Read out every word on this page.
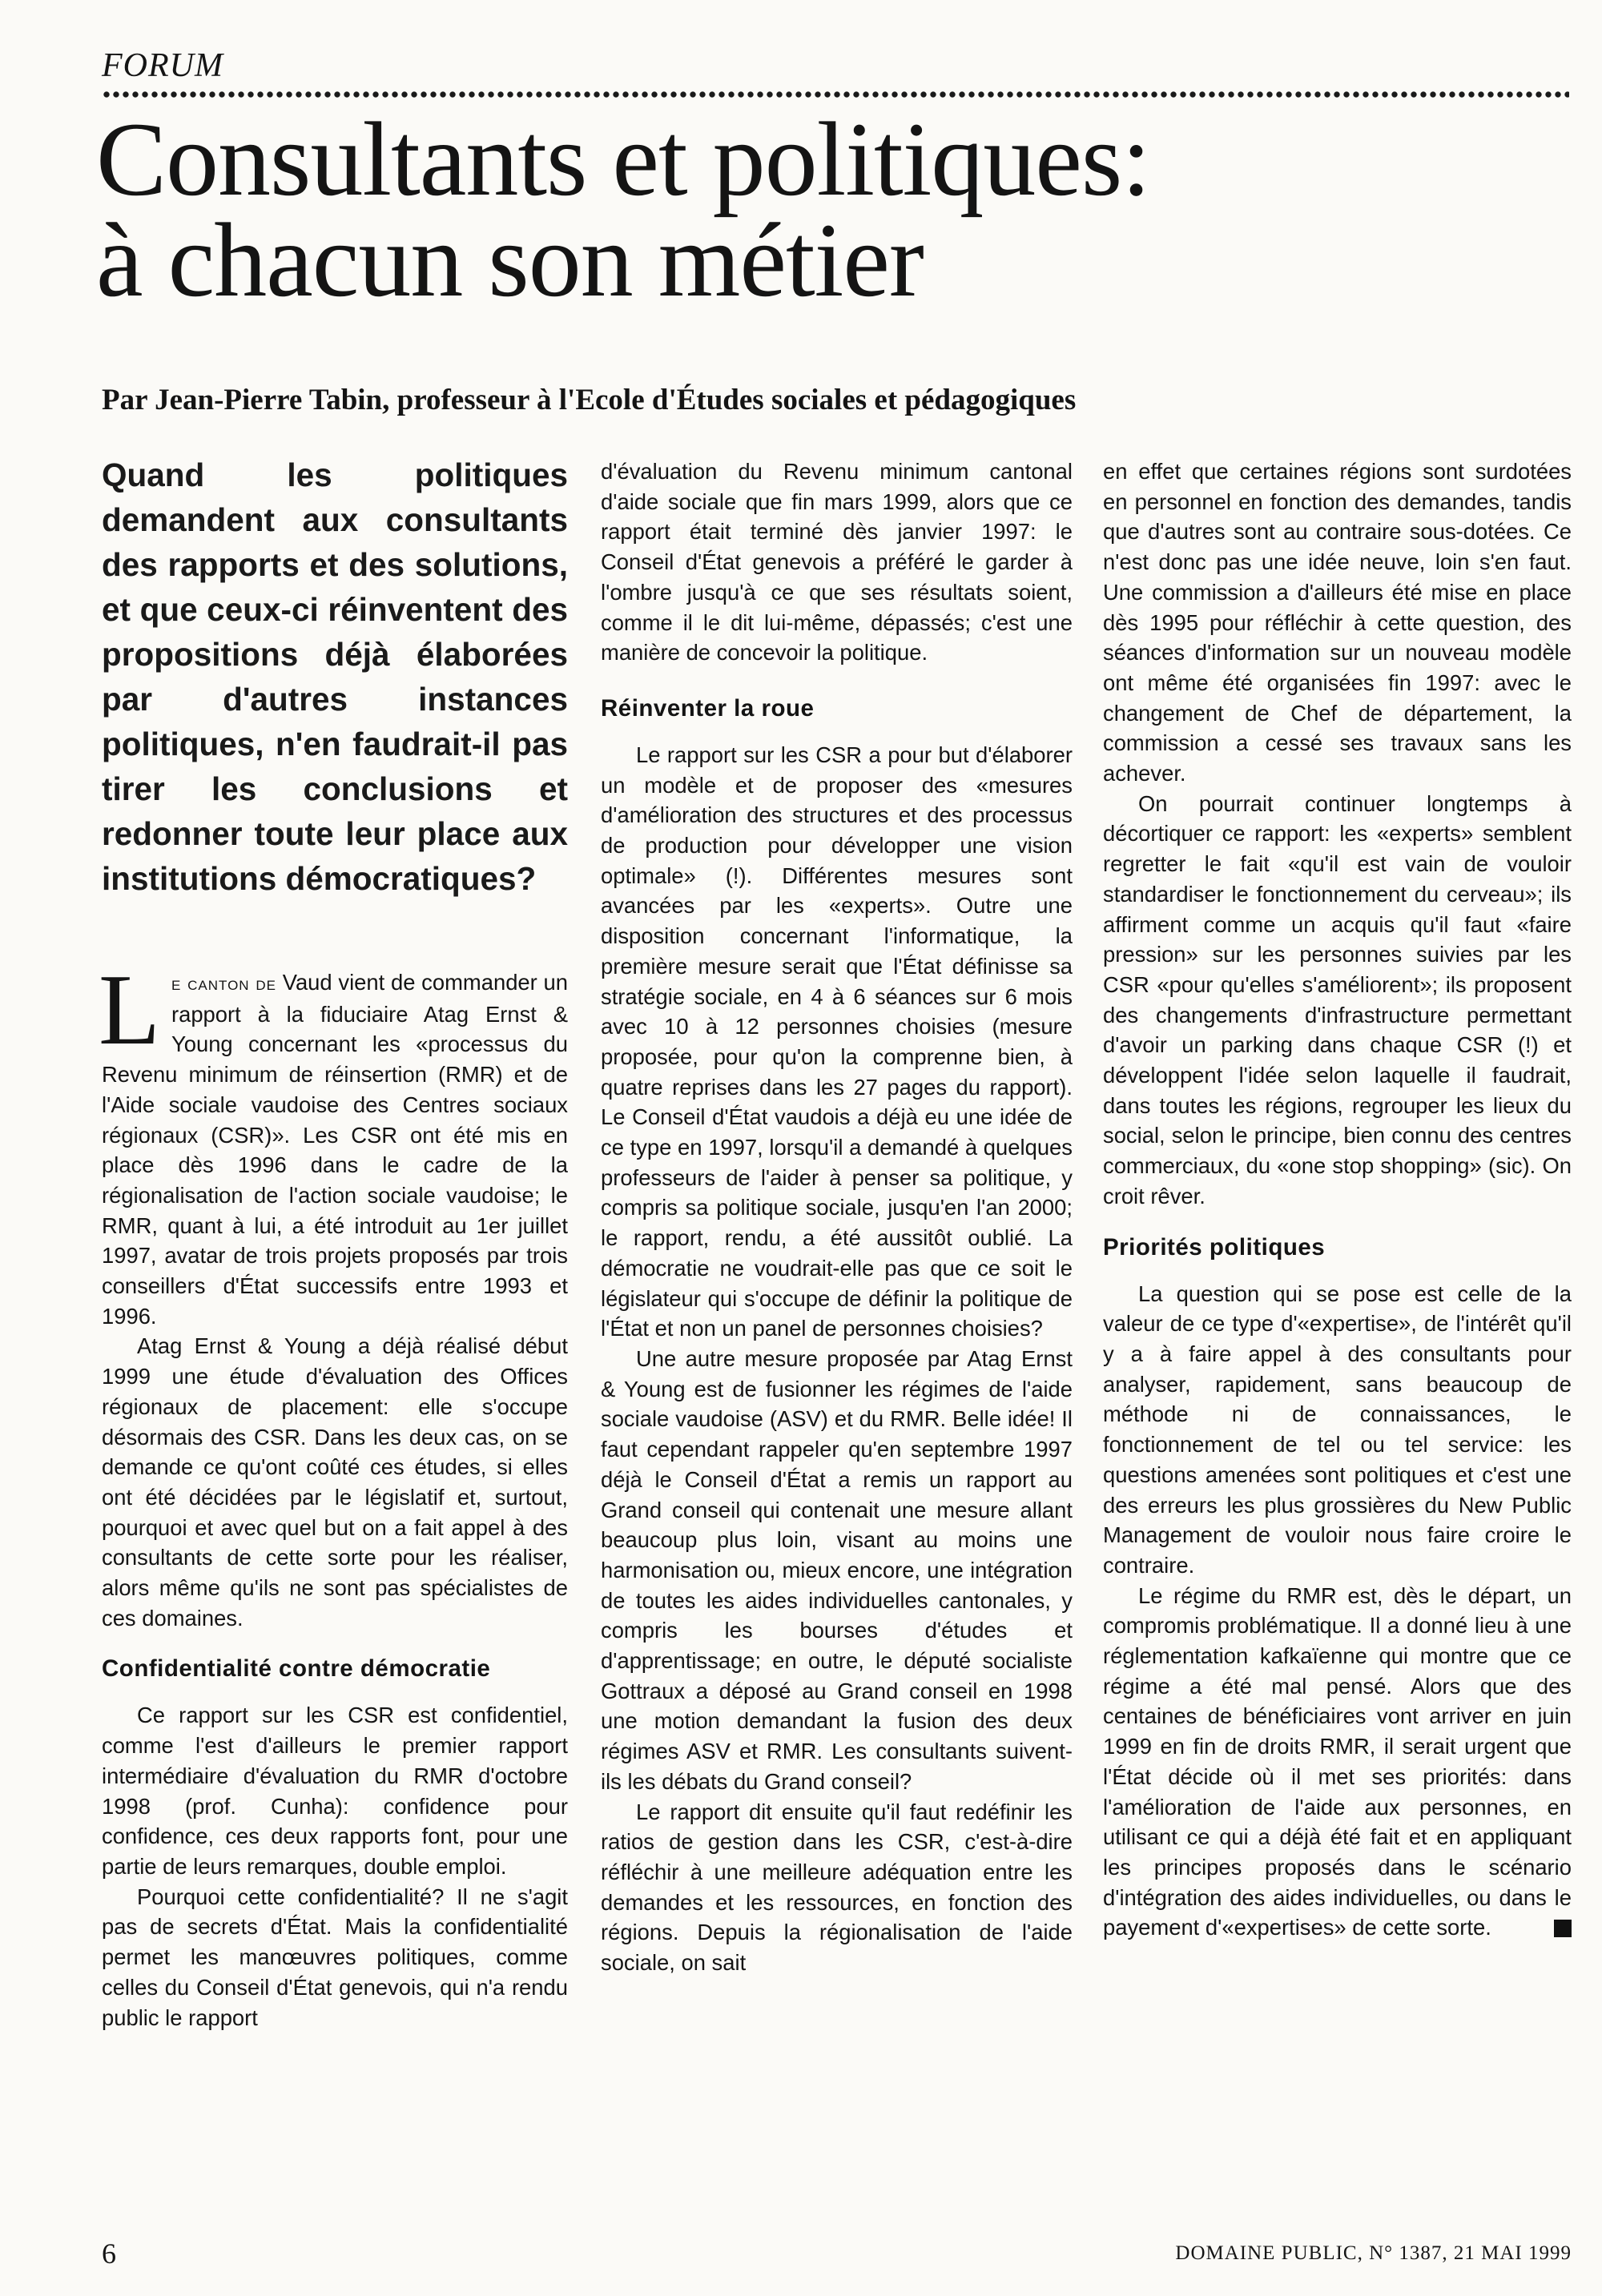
FORUM
Consultants et politiques:
à chacun son métier
Par Jean-Pierre Tabin, professeur à l'Ecole d'Études sociales et pédagogiques

Quand les politiques demandent aux consultants des rapports et des solutions, et que ceux-ci réinventent des propositions déjà élaborées par d'autres instances politiques, n'en faudrait-il pas tirer les conclusions et redonner toute leur place aux institutions démocratiques?

Le canton de Vaud vient de commander un rapport à la fiduciaire Atag Ernst & Young concernant les «processus du Revenu minimum de réinsertion (RMR) et de l'Aide sociale vaudoise des Centres sociaux régionaux (CSR)». Les CSR ont été mis en place dès 1996 dans le cadre de la régionalisation de l'action sociale vaudoise; le RMR, quant à lui, a été introduit au 1er juillet 1997, avatar de trois projets proposés par trois conseillers d'État successifs entre 1993 et 1996.

Atag Ernst & Young a déjà réalisé début 1999 une étude d'évaluation des Offices régionaux de placement: elle s'occupe désormais des CSR. Dans les deux cas, on se demande ce qu'ont coûté ces études, si elles ont été décidées par le législatif et, surtout, pourquoi et avec quel but on a fait appel à des consultants de cette sorte pour les réaliser, alors même qu'ils ne sont pas spécialistes de ces domaines.

Confidentialité contre démocratie

Ce rapport sur les CSR est confidentiel, comme l'est d'ailleurs le premier rapport intermédiaire d'évaluation du RMR d'octobre 1998 (prof. Cunha): confidence pour confidence, ces deux rapports font, pour une partie de leurs remarques, double emploi.

Pourquoi cette confidentialité? Il ne s'agit pas de secrets d'État. Mais la confidentialité permet les manœuvres politiques, comme celles du Conseil d'État genevois, qui n'a rendu public le rapport

d'évaluation du Revenu minimum cantonal d'aide sociale que fin mars 1999, alors que ce rapport était terminé dès janvier 1997: le Conseil d'État genevois a préféré le garder à l'ombre jusqu'à ce que ses résultats soient, comme il le dit lui-même, dépassés; c'est une manière de concevoir la politique.

Réinventer la roue

Le rapport sur les CSR a pour but d'élaborer un modèle et de proposer des «mesures d'amélioration des structures et des processus de production pour développer une vision optimale» (!). Différentes mesures sont avancées par les «experts». Outre une disposition concernant l'informatique, la première mesure serait que l'État définisse sa stratégie sociale, en 4 à 6 séances sur 6 mois avec 10 à 12 personnes choisies (mesure proposée, pour qu'on la comprenne bien, à quatre reprises dans les 27 pages du rapport). Le Conseil d'État vaudois a déjà eu une idée de ce type en 1997, lorsqu'il a demandé à quelques professeurs de l'aider à penser sa politique, y compris sa politique sociale, jusqu'en l'an 2000; le rapport, rendu, a été aussitôt oublié. La démocratie ne voudrait-elle pas que ce soit le législateur qui s'occupe de définir la politique de l'État et non un panel de personnes choisies?

Une autre mesure proposée par Atag Ernst & Young est de fusionner les régimes de l'aide sociale vaudoise (ASV) et du RMR. Belle idée! Il faut cependant rappeler qu'en septembre 1997 déjà le Conseil d'État a remis un rapport au Grand conseil qui contenait une mesure allant beaucoup plus loin, visant au moins une harmonisation ou, mieux encore, une intégration de toutes les aides individuelles cantonales, y compris les bourses d'études et d'apprentissage; en outre, le député socialiste Gottraux a déposé au Grand conseil en 1998 une motion demandant la fusion des deux régimes ASV et RMR. Les consultants suivent-ils les débats du Grand conseil?

Le rapport dit ensuite qu'il faut redéfinir les ratios de gestion dans les CSR, c'est-à-dire réfléchir à une meilleure adéquation entre les demandes et les ressources, en fonction des régions. Depuis la régionalisation de l'aide sociale, on sait

en effet que certaines régions sont surdotées en personnel en fonction des demandes, tandis que d'autres sont au contraire sous-dotées. Ce n'est donc pas une idée neuve, loin s'en faut. Une commission a d'ailleurs été mise en place dès 1995 pour réfléchir à cette question, des séances d'information sur un nouveau modèle ont même été organisées fin 1997: avec le changement de Chef de département, la commission a cessé ses travaux sans les achever.

On pourrait continuer longtemps à décortiquer ce rapport: les «experts» semblent regretter le fait «qu'il est vain de vouloir standardiser le fonctionnement du cerveau»; ils affirment comme un acquis qu'il faut «faire pression» sur les personnes suivies par les CSR «pour qu'elles s'améliorent»; ils proposent des changements d'infrastructure permettant d'avoir un parking dans chaque CSR (!) et développent l'idée selon laquelle il faudrait, dans toutes les régions, regrouper les lieux du social, selon le principe, bien connu des centres commerciaux, du «one stop shopping» (sic). On croit rêver.

Priorités politiques

La question qui se pose est celle de la valeur de ce type d'«expertise», de l'intérêt qu'il y a à faire appel à des consultants pour analyser, rapidement, sans beaucoup de méthode ni de connaissances, le fonctionnement de tel ou tel service: les questions amenées sont politiques et c'est une des erreurs les plus grossières du New Public Management de vouloir nous faire croire le contraire.

Le régime du RMR est, dès le départ, un compromis problématique. Il a donné lieu à une réglementation kafkaïenne qui montre que ce régime a été mal pensé. Alors que des centaines de bénéficiaires vont arriver en juin 1999 en fin de droits RMR, il serait urgent que l'État décide où il met ses priorités: dans l'amélioration de l'aide aux personnes, en utilisant ce qui a déjà été fait et en appliquant les principes proposés dans le scénario d'intégration des aides individuelles, ou dans le payement d'«expertises» de cette sorte.

6	DOMAINE PUBLIC, N° 1387, 21 MAI 1999
